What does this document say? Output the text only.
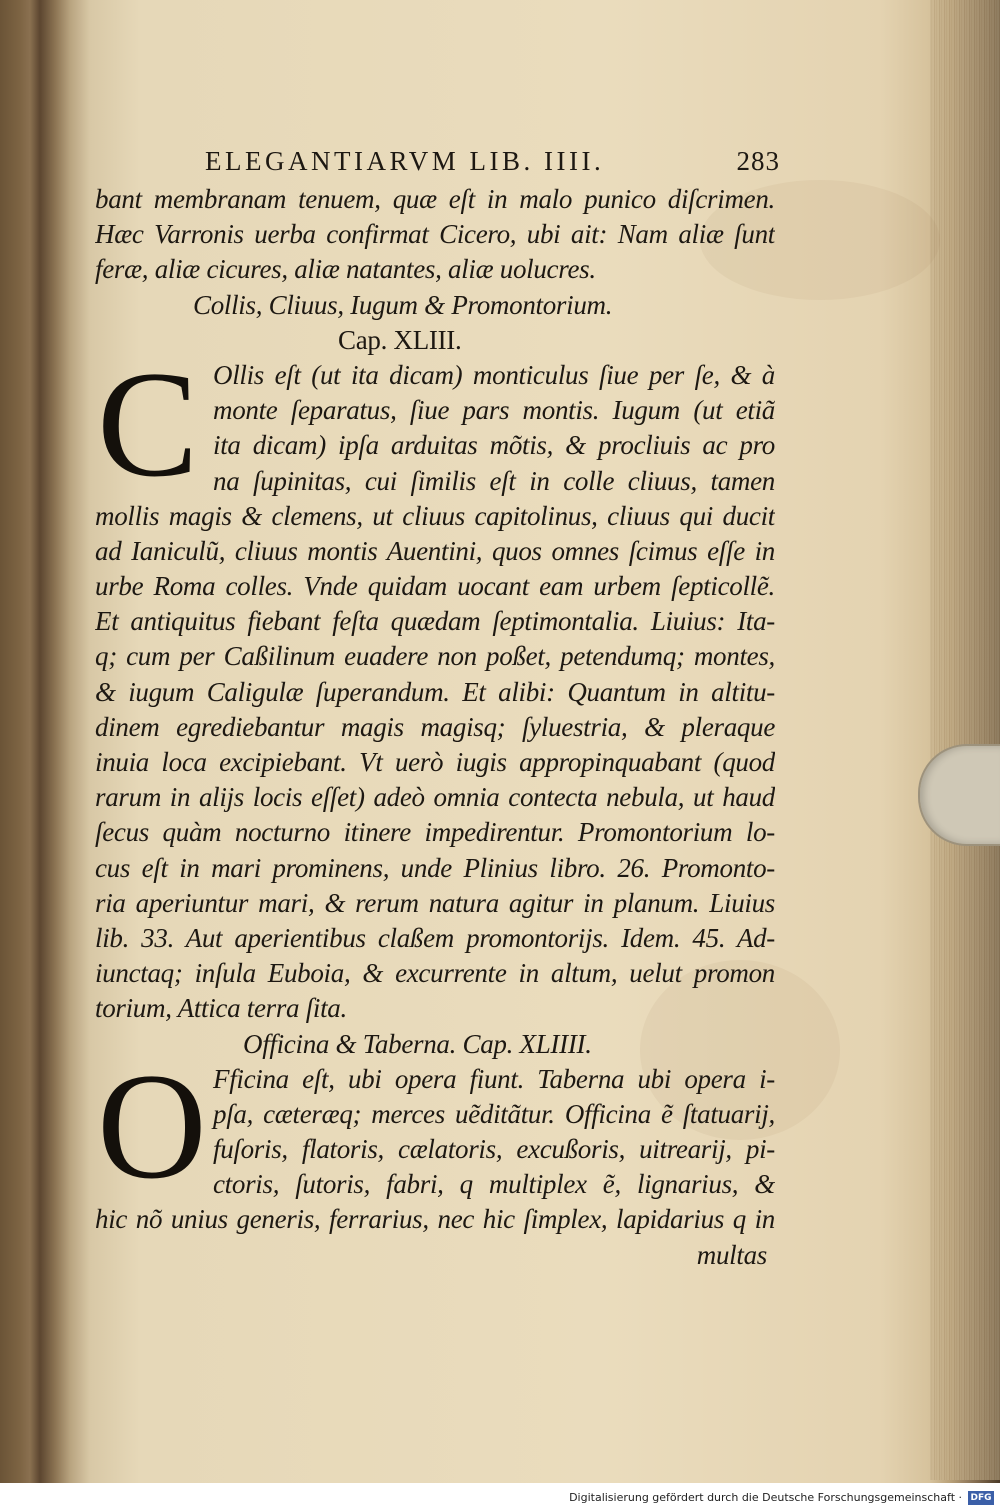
ELEGANTIARVM LIB. IIII.	283
bant membranam tenuem, quæ eſt in malo punico diſcrimen.
Hæc Varronis uerba confirmat Cicero, ubi ait: Nam aliæ ſunt
feræ, aliæ cicures, aliæ natantes, aliæ uolucres.
Collis, Cliuus, Iugum & Promontorium.
Cap. XLIII.
C Ollis eſt (ut ita dicam) monticulus ſiue per ſe, & à
monte ſeparatus, ſiue pars montis. Iugum (ut etiã
ita dicam) ipſa arduitas mõtis, & procliuis ac pro
na ſupinitas, cui ſimilis eſt in colle cliuus, tamen
mollis magis & clemens, ut cliuus capitolinus, cliuus qui ducit
ad Ianiculũ, cliuus montis Auentini, quos omnes ſcimus eſſe in
urbe Roma colles. Vnde quidam uocant eam urbem ſepticollẽ.
Et antiquitus fiebant feſta quædam ſeptimontalia. Liuius: Ita-
q; cum per Caßilinum euadere non poßet, petendumq; montes,
& iugum Caligulæ ſuperandum. Et alibi: Quantum in altitu-
dinem egrediebantur magis magisq; ſyluestria, & pleraque
inuia loca excipiebant. Vt uerò iugis appropinquabant (quod
rarum in aliјs locis eſſet) adeò omnia contecta nebula, ut haud
ſecus quàm nocturno itinere impedirentur. Promontorium lo-
cus eſt in mari prominens, unde Plinius libro. 26. Promonto-
ria aperiuntur mari, & rerum natura agitur in planum. Liuius
lib. 33. Aut aperientibus claßem promontorijs. Idem. 45. Ad-
iunctaq; inſula Euboia, & excurrente in altum, uelut promon
torium, Attica terra ſita.
Officina & Taberna. Cap. XLIIII.
O Fficina eſt, ubi opera fiunt. Taberna ubi opera i-
pſa, cæteræq; merces uẽditãtur. Officina ẽ ſtatuarij,
fuſoris, flatoris, cælatoris, excußoris, uitrearij, pi-
ctoris, ſutoris, fabri, q multiplex ẽ, lignarius, &
hic nõ unius generis, ferrarius, nec hic ſimplex, lapidarius q in
multas
Digitalisierung gefördert durch die Deutsche Forschungsgemeinschaft · DFG
